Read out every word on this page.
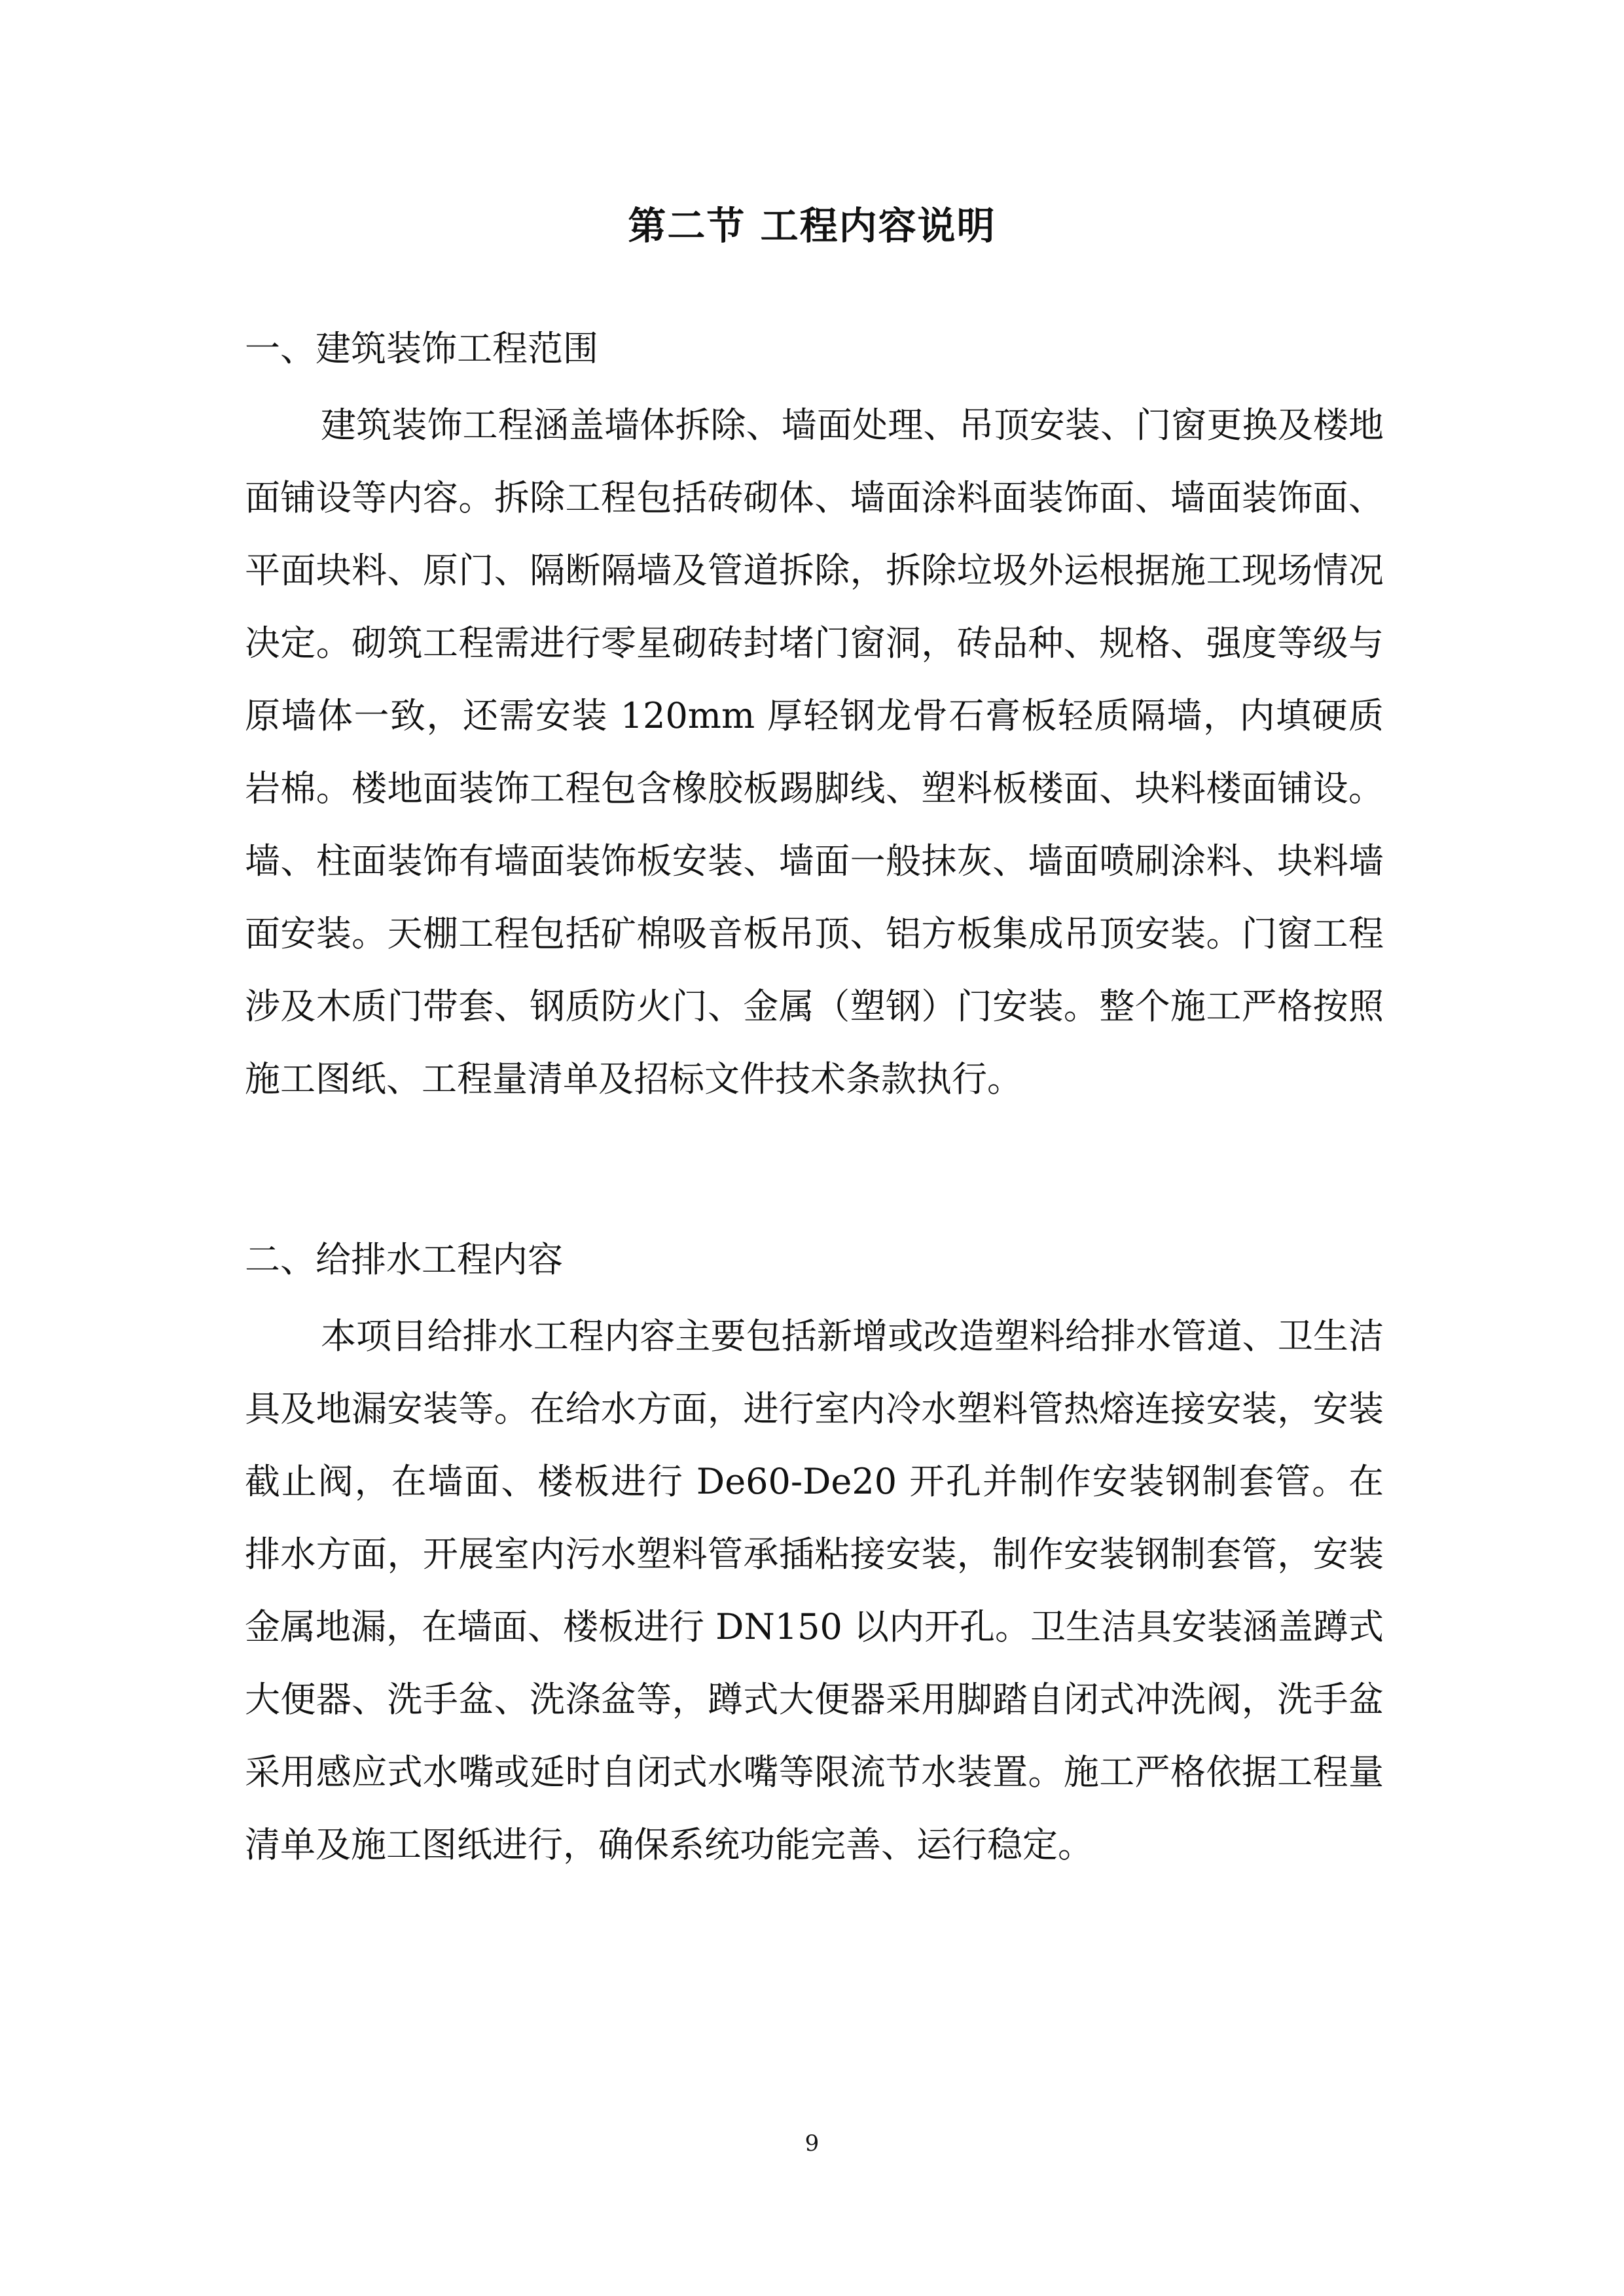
第二节 工程内容说明
一、建筑装饰工程范围
建筑装饰工程涵盖墙体拆除、墙面处理、吊顶安装、门窗更换及楼地面铺设等内容。拆除工程包括砖砌体、墙面涂料面装饰面、墙面装饰面、平面块料、原门、隔断隔墙及管道拆除，拆除垃圾外运根据施工现场情况决定。砌筑工程需进行零星砌砖封堵门窗洞，砖品种、规格、强度等级与原墙体一致，还需安装 120mm 厚轻钢龙骨石膏板轻质隔墙，内填硬质岩棉。楼地面装饰工程包含橡胶板踢脚线、塑料板楼面、块料楼面铺设。墙、柱面装饰有墙面装饰板安装、墙面一般抹灰、墙面喷刷涂料、块料墙面安装。天棚工程包括矿棉吸音板吊顶、铝方板集成吊顶安装。门窗工程涉及木质门带套、钢质防火门、金属（塑钢）门安装。整个施工严格按照施工图纸、工程量清单及招标文件技术条款执行。
二、给排水工程内容
本项目给排水工程内容主要包括新增或改造塑料给排水管道、卫生洁具及地漏安装等。在给水方面，进行室内冷水塑料管热熔连接安装，安装截止阀，在墙面、楼板进行 De60-De20 开孔并制作安装钢制套管。在排水方面，开展室内污水塑料管承插粘接安装，制作安装钢制套管，安装金属地漏，在墙面、楼板进行 DN150 以内开孔。卫生洁具安装涵盖蹲式大便器、洗手盆、洗涤盆等，蹲式大便器采用脚踏自闭式冲洗阀，洗手盆采用感应式水嘴或延时自闭式水嘴等限流节水装置。施工严格依据工程量清单及施工图纸进行，确保系统功能完善、运行稳定。
9
